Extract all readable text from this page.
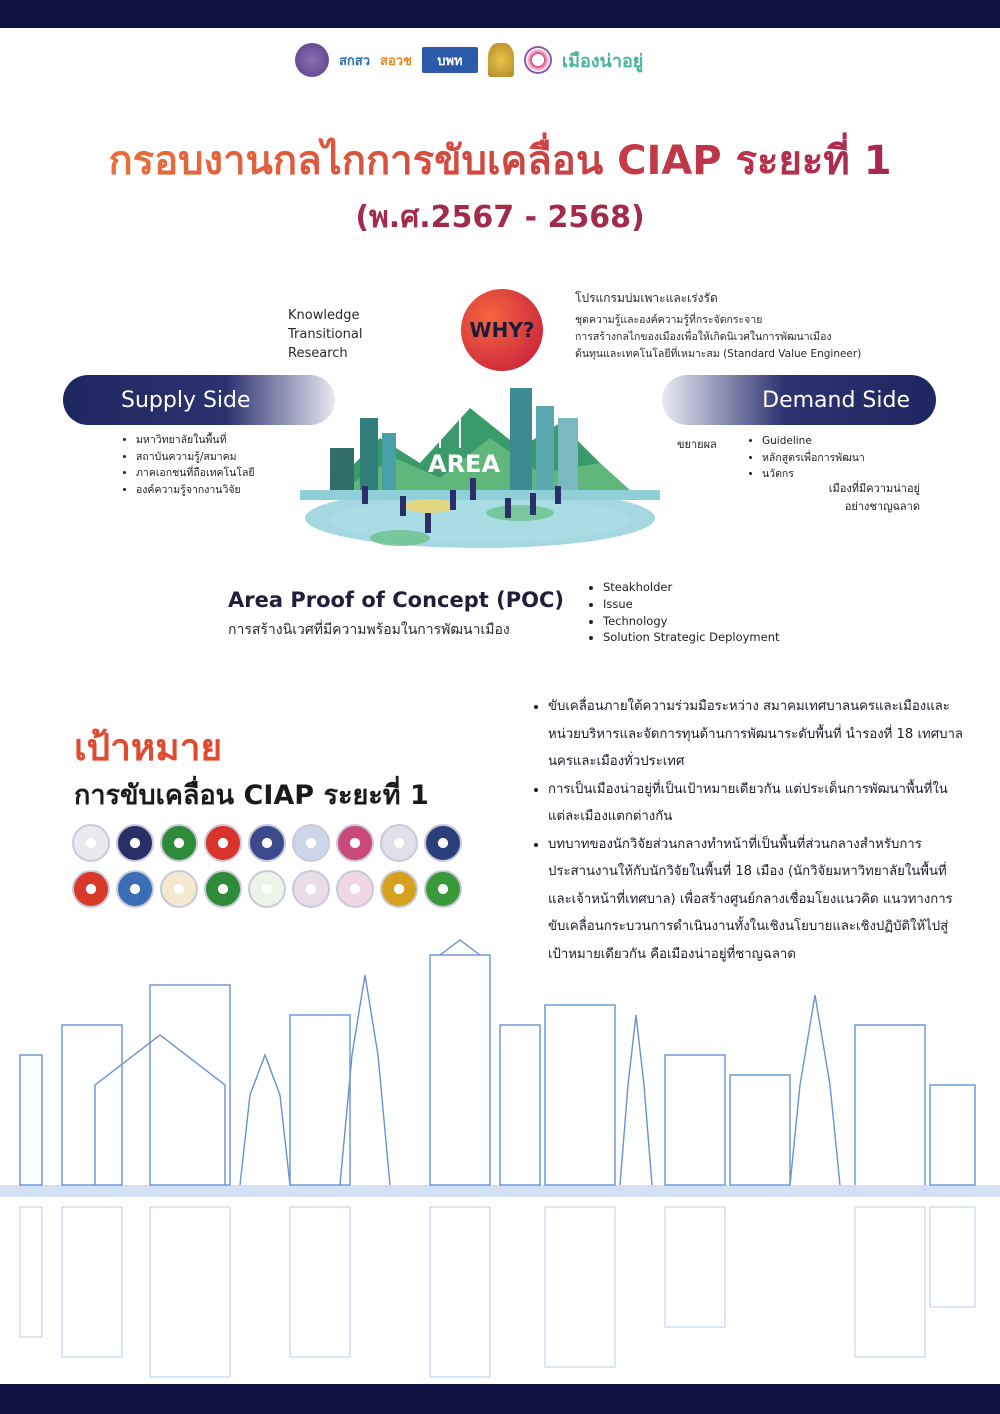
สกสว สอวช	บพท	เมืองน่าอยู่
กรอบงานกลไกการขับเคลื่อน CIAP ระยะที่ 1
(พ.ศ.2567 - 2568)
Knowledge
Transitional
Research
WHY?
โปรแกรมบ่มเพาะและเร่งรัด
ชุดความรู้และองค์ความรู้ที่กระจัดกระจาย
การสร้างกลไกของเมืองเพื่อให้เกิดนิเวศในการพัฒนาเมือง
ต้นทุนและเทคโนโลยีที่เหมาะสม (Standard Value Engineer)
Supply Side	Demand Side
AREA
• มหาวิทยาลัยในพื้นที่
• สถาบันความรู้/สมาคม
• ภาคเอกชนที่ถือเทคโนโลยี
• องค์ความรู้จากงานวิจัย
ขยายผล
•	Guideline
• หลักสูตรเพื่อการพัฒนา
• นวัตกร
เมืองที่มีความน่าอยู่
อย่างชาญฉลาด
Area Proof of Concept (POC)
การสร้างนิเวศที่มีความพร้อมในการพัฒนาเมือง
• Steakholder
• Issue
• Technology
• Solution Strategic Deployment
เป้าหมาย
การขับเคลื่อน CIAP ระยะที่ 1
• ขับเคลื่อนภายใต้ความร่วมมือระหว่าง สมาคมเทศบาลนครและเมืองและหน่วยบริหารและจัดการทุนด้านการพัฒนาระดับพื้นที่ นำรองที่ 18 เทศบาลนครและเมืองทั่วประเทศ
• การเป็นเมืองน่าอยู่ที่เป็นเป้าหมายเดียวกัน แต่ประเด็นการพัฒนาพื้นที่ในแต่ละเมืองแตกต่างกัน
• บทบาทของนักวิจัยส่วนกลางทำหน้าที่เป็นพื้นที่ส่วนกลางสำหรับการประสานงานให้กับนักวิจัยในพื้นที่ 18 เมือง (นักวิจัยมหาวิทยาลัยในพื้นที่และเจ้าหน้าที่เทศบาล) เพื่อสร้างศูนย์กลางเชื่อมโยงแนวคิด แนวทางการขับเคลื่อนกระบวนการดำเนินงานทั้งในเชิงนโยบายและเชิงปฏิบัติให้ไปสู่เป้าหมายเดียวกัน คือเมืองน่าอยู่ที่ชาญฉลาด
